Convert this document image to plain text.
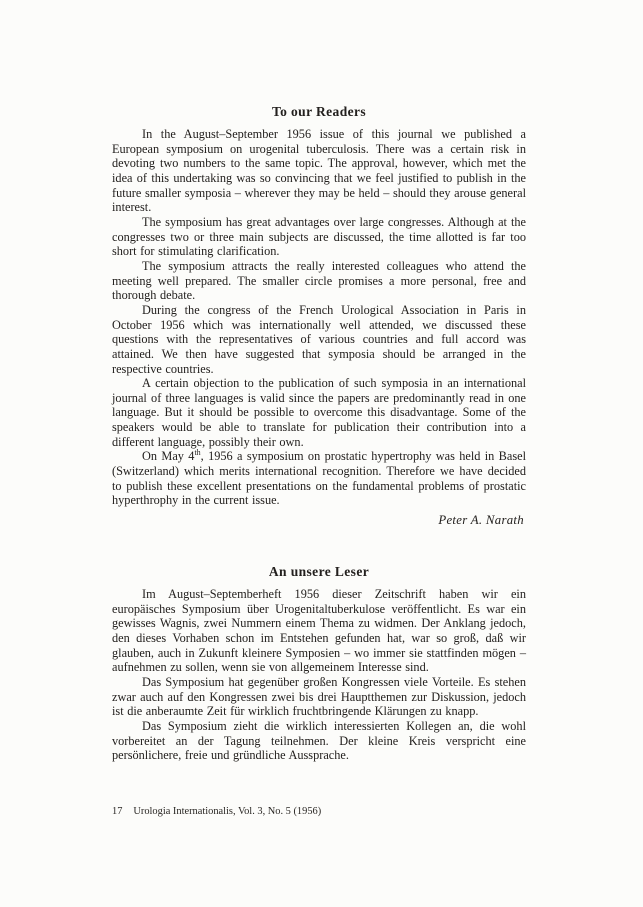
To our Readers

In the August–September 1956 issue of this journal we published a European symposium on urogenital tuberculosis. There was a certain risk in devoting two numbers to the same topic. The approval, however, which met the idea of this undertaking was so convincing that we feel justified to publish in the future smaller symposia – wherever they may be held – should they arouse general interest.

The symposium has great advantages over large congresses. Although at the congresses two or three main subjects are discussed, the time allotted is far too short for stimulating clarification.

The symposium attracts the really interested colleagues who attend the meeting well prepared. The smaller circle promises a more personal, free and thorough debate.

During the congress of the French Urological Association in Paris in October 1956 which was internationally well attended, we discussed these questions with the representatives of various countries and full accord was attained. We then have suggested that symposia should be arranged in the respective countries.

A certain objection to the publication of such symposia in an international journal of three languages is valid since the papers are predominantly read in one language. But it should be possible to overcome this disadvantage. Some of the speakers would be able to translate for publication their contribution into a different language, possibly their own.

On May 4th, 1956 a symposium on prostatic hypertrophy was held in Basel (Switzerland) which merits international recognition. Therefore we have decided to publish these excellent presentations on the fundamental problems of prostatic hyperthrophy in the current issue.

Peter A. Narath
An unsere Leser

Im August–Septemberheft 1956 dieser Zeitschrift haben wir ein europäisches Symposium über Urogenitaltuberkulose veröffentlicht. Es war ein gewisses Wagnis, zwei Nummern einem Thema zu widmen. Der Anklang jedoch, den dieses Vorhaben schon im Entstehen gefunden hat, war so groß, daß wir glauben, auch in Zukunft kleinere Symposien – wo immer sie stattfinden mögen – aufnehmen zu sollen, wenn sie von allgemeinem Interesse sind.

Das Symposium hat gegenüber großen Kongressen viele Vorteile. Es stehen zwar auch auf den Kongressen zwei bis drei Hauptthemen zur Diskussion, jedoch ist die anberaumte Zeit für wirklich fruchtbringende Klärungen zu knapp.

Das Symposium zieht die wirklich interessierten Kollegen an, die wohl vorbereitet an der Tagung teilnehmen. Der kleine Kreis verspricht eine persönlichere, freie und gründliche Aussprache.

17 Urologia Internationalis, Vol. 3, No. 5 (1956)
